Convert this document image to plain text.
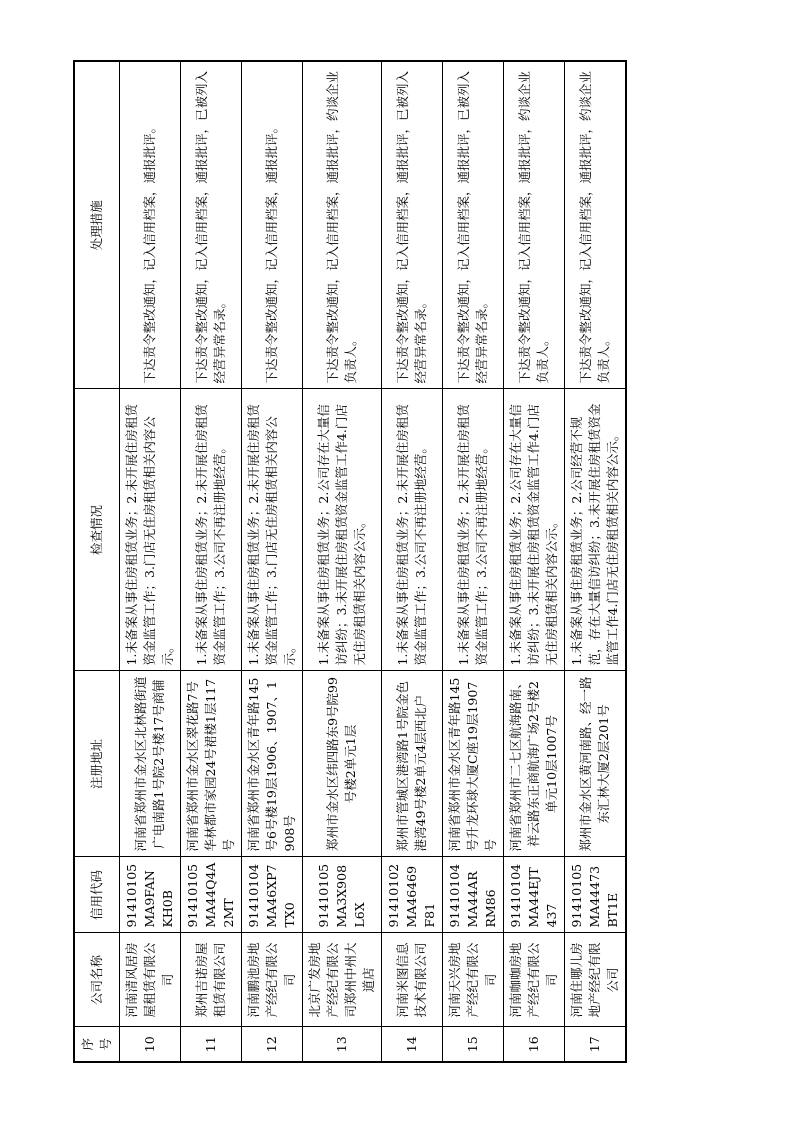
序号	公司名称	信用代码	注册地址	检查情况	处理措施
10	河南清风居房屋租赁有限公司	91410105MA9FANKH0B	河南省郑州市金水区北林路街道广电南路1号院2号楼17号商铺	1.未备案从事住房租赁业务；2.未开展住房租赁资金监管工作；3.门店无住房租赁相关内容公示。	下达责令整改通知，记入信用档案，通报批评。
11	郑州吉诺房屋租赁有限公司	91410105MA44Q4A2MT	河南省郑州市金水区翠花路7号华林都市家园24号裙楼1层117号	1.未备案从事住房租赁业务；2.未开展住房租赁资金监管工作；3.公司不再注册地经营。	下达责令整改通知，记入信用档案，通报批评，已被列入经营异常名录。
12	河南鹏池房地产经纪有限公司	91410104MA46XP7TX0	河南省郑州市金水区青年路145号6号楼19层1906、1907、1908号	1.未备案从事住房租赁业务；2.未开展住房租赁资金监管工作；3.门店无住房租赁相关内容公示。	下达责令整改通知，记入信用档案，通报批评。
13	北京广发房地产经纪有限公司郑州中州大道店	91410105MA3X908L6X	郑州市金水区纬四路东9号院99号楼2单元1层	1.未备案从事住房租赁业务；2.公司存在大量信访纠纷；3.未开展住房租赁资金监管工作4.门店无住房租赁相关内容公示。	下达责令整改通知，记入信用档案，通报批评，约谈企业负责人。
14	河南米图信息技术有限公司	91410102MA46469F81	郑州市管城区港湾路1号院金色港湾49号楼2单元4层西北户	1.未备案从事住房租赁业务；2.未开展住房租赁资金监管工作；3.公司不再注册地经营。	下达责令整改通知，记入信用档案，通报批评，已被列入经营异常名录。
15	河南天兴房地产经纪有限公司	91410104MA44ARRM86	河南省郑州市金水区青年路145号升龙环球大厦C座19层1907号	1.未备案从事住房租赁业务；2.未开展住房租赁资金监管工作；3.公司不再注册地经营。	下达责令整改通知，记入信用档案，通报批评，已被列入经营异常名录。
16	河南咖咖房地产经纪有限公司	91410104MA44EJT437	河南省郑州市二七区航海路南、祥云路东正商航海广场2号楼2单元10层1007号	1.未备案从事住房租赁业务；2.公司存在大量信访纠纷；3.未开展住房租赁资金监管工作4.门店无住房租赁相关内容公示。	下达责令整改通知，记入信用档案，通报批评，约谈企业负责人。
17	河南住哪儿房地产经纪有限公司	91410105MA44473BT1E	郑州市金水区黄河南路、经一路东汇林大厦2层201号	1.未备案从事住房租赁业务；2.公司经营不规范，存在大量信访纠纷；3.未开展住房租赁资金监管工作4.门店无住房租赁相关内容公示。	下达责令整改通知，记入信用档案，通报批评，约谈企业负责人。
